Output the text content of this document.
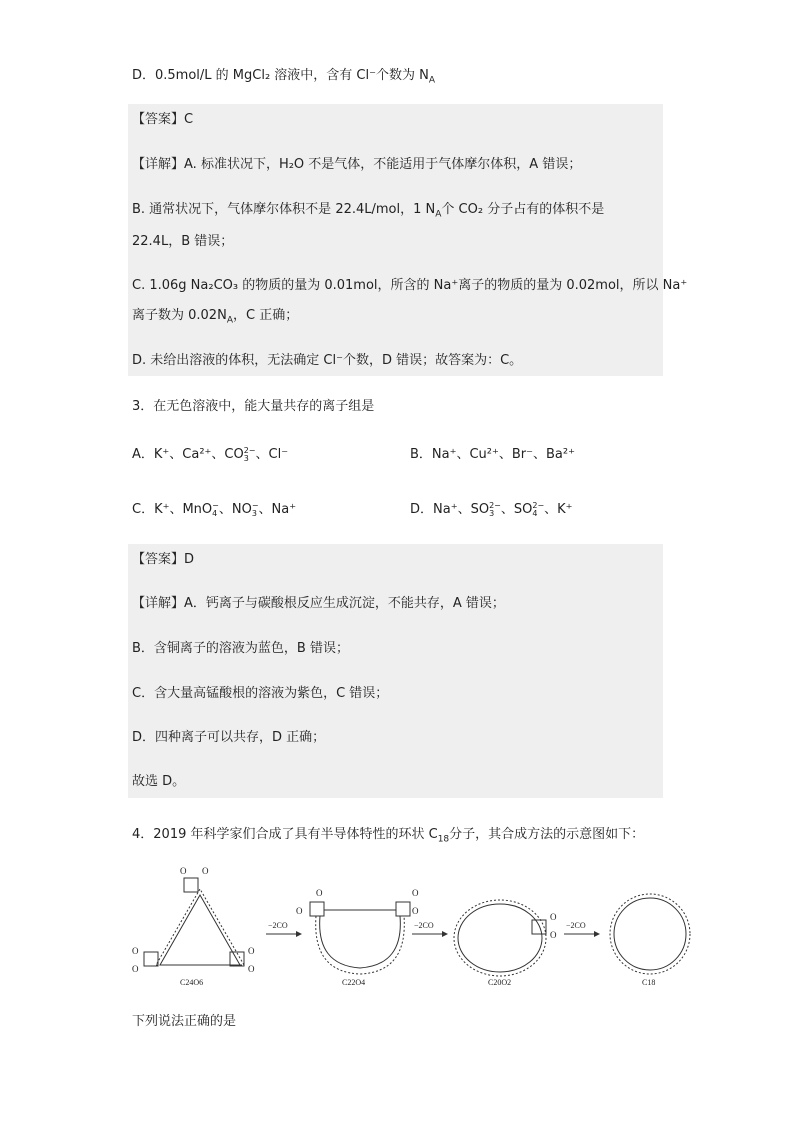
D．0.5mol/L 的 MgCl₂ 溶液中，含有 Cl⁻个数为 $N_A$
【答案】C
【详解】A. 标准状况下，H₂O 不是气体，不能适用于气体摩尔体积，A 错误；
B. 通常状况下，气体摩尔体积不是 22.4L/mol，1 $N_A$个 CO₂ 分子占有的体积不是
22.4L，B 错误；
C. 1.06g Na₂CO₃ 的物质的量为 0.01mol，所含的 Na⁺离子的物质的量为 0.02mol，所以 Na⁺
离子数为 $0.02N_A$，C 正确；
D. 未给出溶液的体积，无法确定 Cl⁻个数，D 错误；故答案为：C。
3．在无色溶液中，能大量共存的离子组是
A．K⁺、Ca²⁺、CO 2−
3 、Cl⁻	B．Na⁺、Cu²⁺、Br⁻、Ba²⁺
C．K⁺、MnO −
4 、NO −
3 、Na⁺	D．Na⁺、SO 2−
3 、SO 2−
4 、K⁺
【答案】D
【详解】A．钙离子与碳酸根反应生成沉淀，不能共存，A 错误；
B．含铜离子的溶液为蓝色，B 错误；
C．含大量高锰酸根的溶液为紫色，C 错误；
D．四种离子可以共存，D 正确；
故选 D。
4．2019 年科学家们合成了具有半导体特性的环状 $C_{18}$分子，其合成方法的示意图如下：
O O
O
O
O
O
C24O6
−2CO
O
O	O
O
C22O4
−2CO
O
O
C20O2
−2CO
C18
下列说法正确的是
